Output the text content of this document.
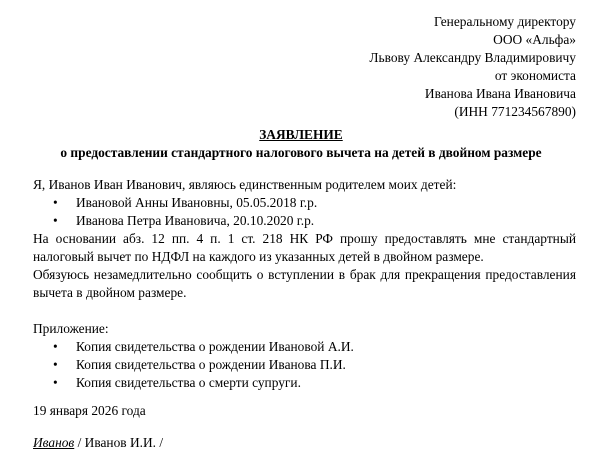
Генеральному директору
ООО «Альфа»
Львову Александру Владимировичу
от экономиста
Иванова Ивана Ивановича
(ИНН 771234567890)
ЗАЯВЛЕНИЕ
о предоставлении стандартного налогового вычета на детей в двойном размере

Я, Иванов Иван Иванович, являюсь единственным родителем моих детей:

• Ивановой Анны Ивановны, 05.05.2018 г.р.
• Иванова Петра Ивановича, 20.10.2020 г.р.

На основании абз. 12 пп. 4 п. 1 ст. 218 НК РФ прошу предоставлять мне стандартный налоговый вычет по НДФЛ на каждого из указанных детей в двойном размере.

Обязуюсь незамедлительно сообщить о вступлении в брак для прекращения предоставления вычета в двойном размере.

Приложение:

• Копия свидетельства о рождении Ивановой А.И.
• Копия свидетельства о рождении Иванова П.И.
• Копия свидетельства о смерти супруги.
19 января 2026 года
Иванов / Иванов И.И. /
